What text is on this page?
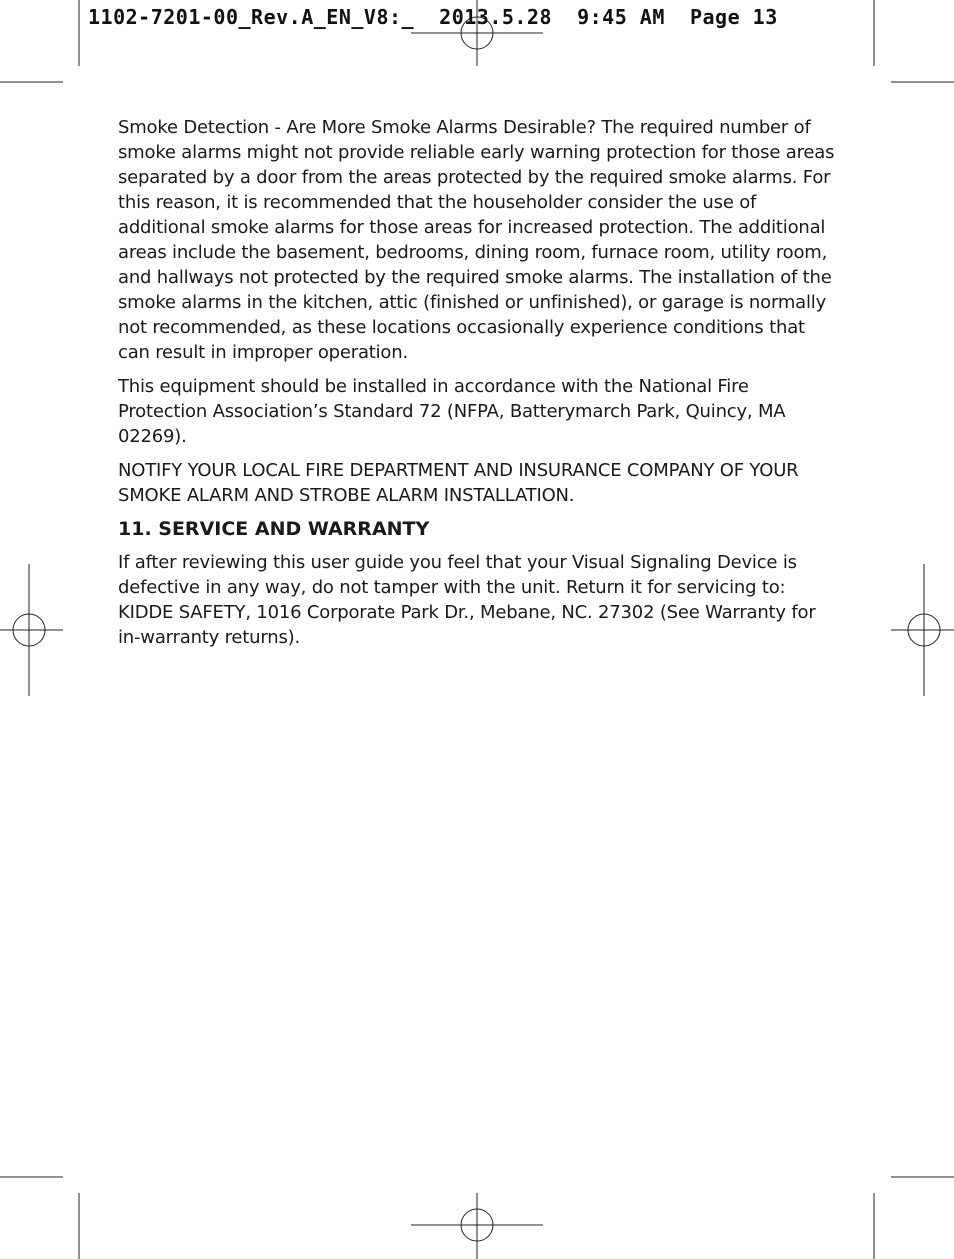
1102-7201-00_Rev.A_EN_V8:_  2013.5.28  9:45 AM  Page 13

Smoke Detection - Are More Smoke Alarms Desirable? The required number of smoke alarms might not provide reliable early warning protection for those areas separated by a door from the areas protected by the required smoke alarms. For this reason, it is recommended that the householder consider the use of additional smoke alarms for those areas for increased protection. The additional areas include the basement, bedrooms, dining room, furnace room, utility room, and hallways not protected by the required smoke alarms. The installation of the smoke alarms in the kitchen, attic (finished or unfinished), or garage is normally not recommended, as these locations occasionally experience conditions that can result in improper operation.

This equipment should be installed in accordance with the National Fire Protection Association’s Standard 72 (NFPA, Batterymarch Park, Quincy, MA 02269).

NOTIFY YOUR LOCAL FIRE DEPARTMENT AND INSURANCE COMPANY OF YOUR SMOKE ALARM AND STROBE ALARM INSTALLATION.

11. SERVICE AND WARRANTY

If after reviewing this user guide you feel that your Visual Signaling Device is defective in any way, do not tamper with the unit. Return it for servicing to: KIDDE SAFETY, 1016 Corporate Park Dr., Mebane, NC. 27302 (See Warranty for in-warranty returns).
